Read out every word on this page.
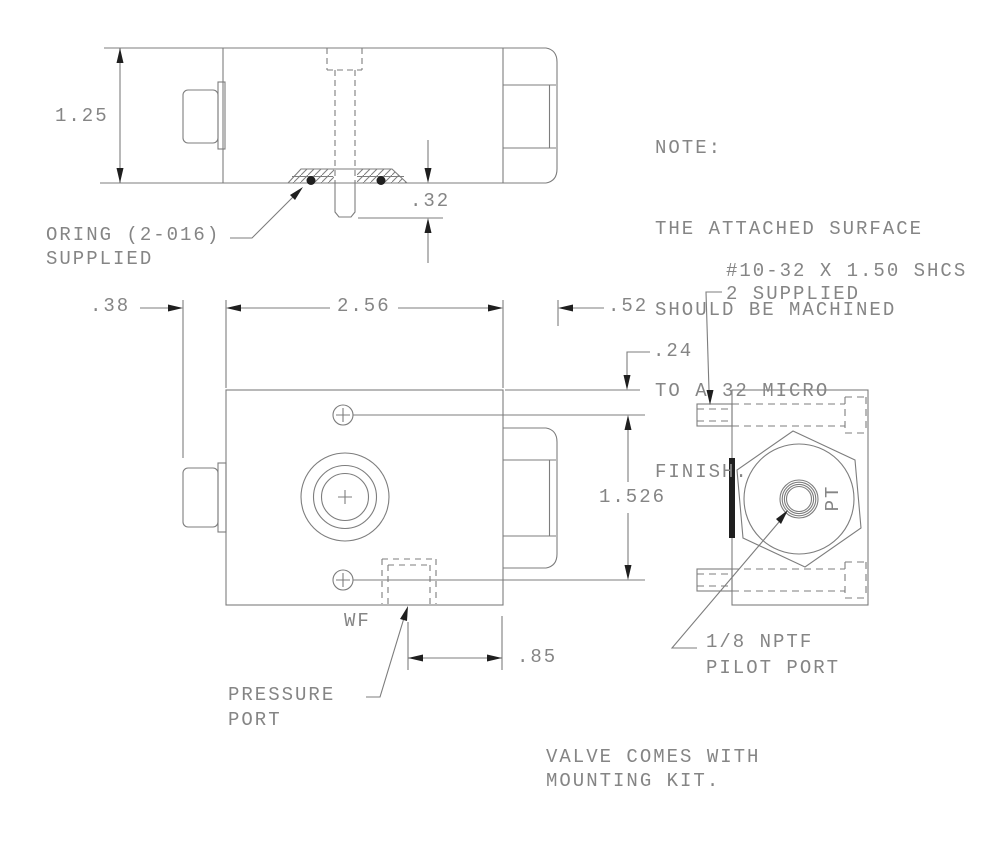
1.25
.32
ORING (2-016)
SUPPLIED

NOTE:

THE ATTACHED SURFACE

SHOULD BE MACHINED

TO A 32 MICRO

FINISH.

#10-32 X 1.50 SHCS
2 SUPPLIED
.38	2.56	.52
.24
1.526
WF
.85
PRESSURE
PORT
1/8 NPTF
PILOT PORT
VALVE COMES WITH
MOUNTING KIT.
PT
